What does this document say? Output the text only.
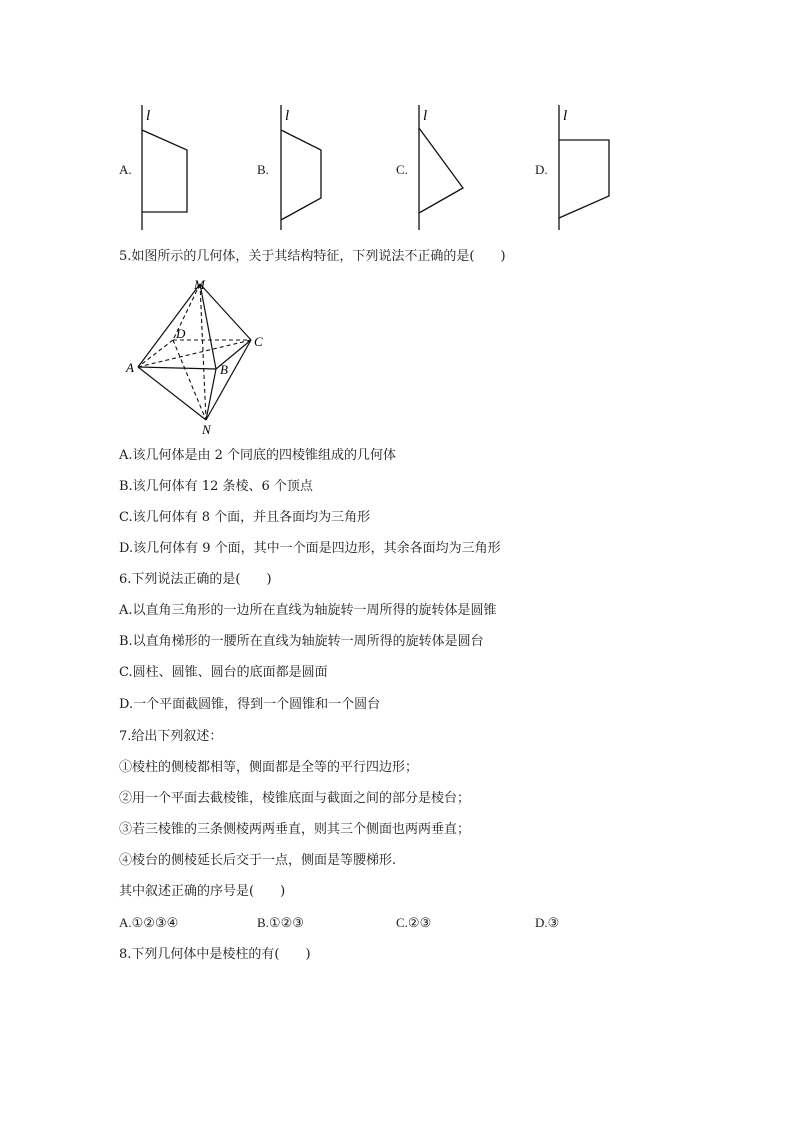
A.
l
B.
l
C.
l
D.
l
5.如图所示的几何体，关于其结构特征，下列说法不正确的是(　　)
M
D
C
A	B
N
A.该几何体是由 2 个同底的四棱锥组成的几何体
B.该几何体有 12 条棱、6 个顶点
C.该几何体有 8 个面，并且各面均为三角形
D.该几何体有 9 个面，其中一个面是四边形，其余各面均为三角形
6.下列说法正确的是(　　)
A.以直角三角形的一边所在直线为轴旋转一周所得的旋转体是圆锥
B.以直角梯形的一腰所在直线为轴旋转一周所得的旋转体是圆台
C.圆柱、圆锥、圆台的底面都是圆面
D.一个平面截圆锥，得到一个圆锥和一个圆台
7.给出下列叙述：
①棱柱的侧棱都相等，侧面都是全等的平行四边形；
②用一个平面去截棱锥，棱锥底面与截面之间的部分是棱台；
③若三棱锥的三条侧棱两两垂直，则其三个侧面也两两垂直；
④棱台的侧棱延长后交于一点，侧面是等腰梯形.
其中叙述正确的序号是(　　)
A.①②③④	B.①②③	C.②③	D.③
8.下列几何体中是棱柱的有(　　)
